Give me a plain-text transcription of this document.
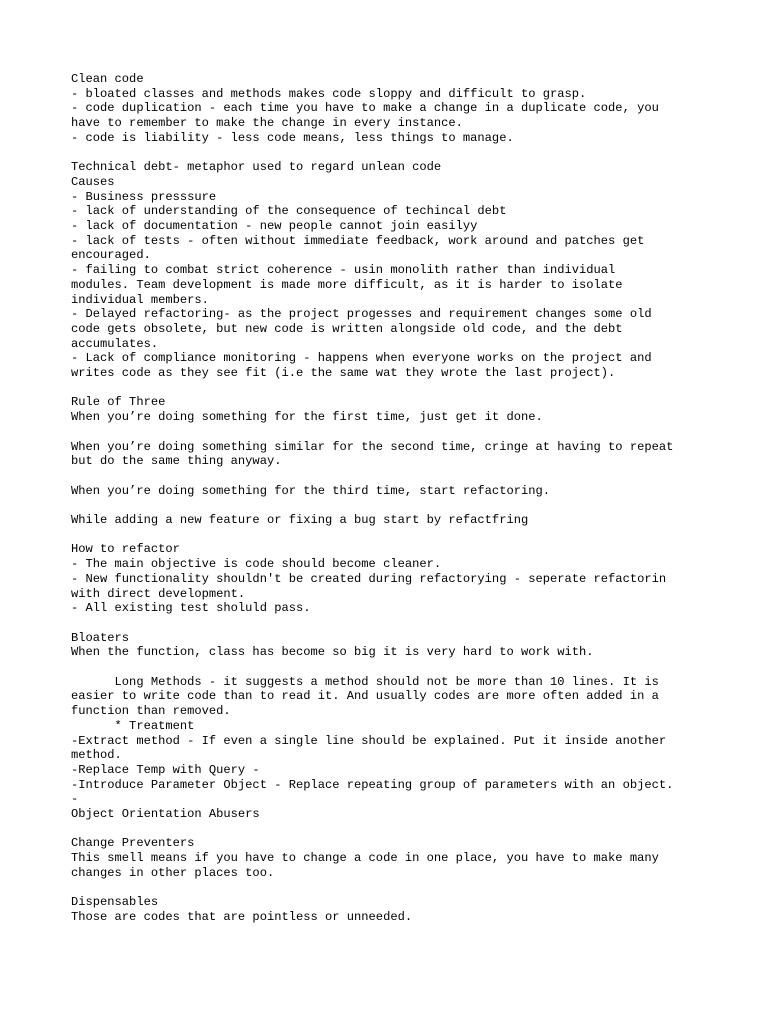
Clean code
- bloated classes and methods makes code sloppy and difficult to grasp.
- code duplication - each time you have to make a change in a duplicate code, you
have to remember to make the change in every instance.
- code is liability - less code means, less things to manage.
Technical debt- metaphor used to regard unlean code
Causes
- Business presssure
- lack of understanding of the consequence of techincal debt
- lack of documentation - new people cannot join easilyy
- lack of tests - often without immediate feedback, work around and patches get
encouraged.
- failing to combat strict coherence - usin monolith rather than individual
modules. Team development is made more difficult, as it is harder to isolate
individual members.
- Delayed refactoring- as the project progesses and requirement changes some old
code gets obsolete, but new code is written alongside old code, and the debt
accumulates.
- Lack of compliance monitoring - happens when everyone works on the project and
writes code as they see fit (i.e the same wat they wrote the last project).
Rule of Three
When you’re doing something for the first time, just get it done.
When you’re doing something similar for the second time, cringe at having to repeat
but do the same thing anyway.
When you’re doing something for the third time, start refactoring.
While adding a new feature or fixing a bug start by refactfring
How to refactor
- The main objective is code should become cleaner.
- New functionality shouldn't be created during refactorying - seperate refactorin
with direct development.
- All existing test sholuld pass.
Bloaters
When the function, class has become so big it is very hard to work with.
Long Methods - it suggests a method should not be more than 10 lines. It is
easier to write code than to read it. And usually codes are more often added in a
function than removed.
* Treatment
-Extract method - If even a single line should be explained. Put it inside another
method.
-Replace Temp with Query -
-Introduce Parameter Object - Replace repeating group of parameters with an object.
-
Object Orientation Abusers
Change Preventers
This smell means if you have to change a code in one place, you have to make many
changes in other places too.
Dispensables
Those are codes that are pointless or unneeded.
